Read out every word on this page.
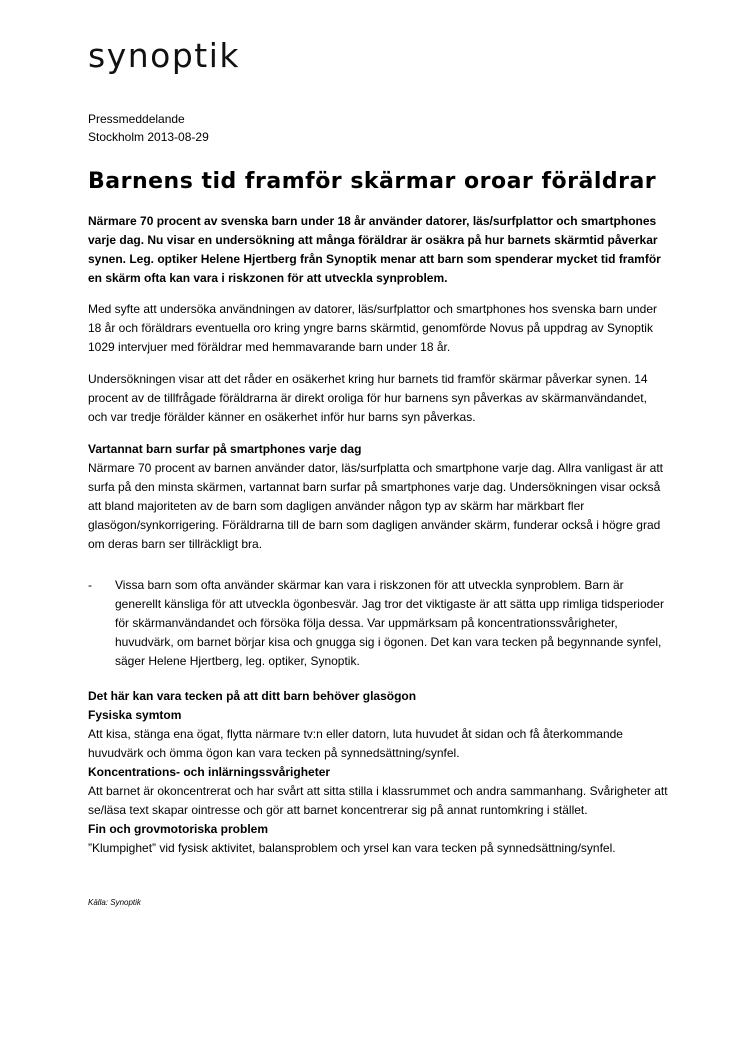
synoptik
Pressmeddelande
Stockholm 2013-08-29
Barnens tid framför skärmar oroar föräldrar
Närmare 70 procent av svenska barn under 18 år använder datorer, läs/surfplattor och smartphones varje dag. Nu visar en undersökning att många föräldrar är osäkra på hur barnets skärmtid påverkar synen. Leg. optiker Helene Hjertberg från Synoptik menar att barn som spenderar mycket tid framför en skärm ofta kan vara i riskzonen för att utveckla synproblem.
Med syfte att undersöka användningen av datorer, läs/surfplattor och smartphones hos svenska barn under 18 år och föräldrars eventuella oro kring yngre barns skärmtid, genomförde Novus på uppdrag av Synoptik 1029 intervjuer med föräldrar med hemmavarande barn under 18 år.
Undersökningen visar att det råder en osäkerhet kring hur barnets tid framför skärmar påverkar synen. 14 procent av de tillfrågade föräldrarna är direkt oroliga för hur barnens syn påverkas av skärmanvändandet, och var tredje förälder känner en osäkerhet inför hur barns syn påverkas.
Vartannat barn surfar på smartphones varje dag
Närmare 70 procent av barnen använder dator, läs/surfplatta och smartphone varje dag. Allra vanligast är att surfa på den minsta skärmen, vartannat barn surfar på smartphones varje dag. Undersökningen visar också att bland majoriteten av de barn som dagligen använder någon typ av skärm har märkbart fler glasögon/synkorrigering. Föräldrarna till de barn som dagligen använder skärm, funderar också i högre grad om deras barn ser tillräckligt bra.
- Vissa barn som ofta använder skärmar kan vara i riskzonen för att utveckla synproblem. Barn är generellt känsliga för att utveckla ögonbesvär. Jag tror det viktigaste är att sätta upp rimliga tidsperioder för skärmanvändandet och försöka följa dessa. Var uppmärksam på koncentrationssvårigheter, huvudvärk, om barnet börjar kisa och gnugga sig i ögonen. Det kan vara tecken på begynnande synfel, säger Helene Hjertberg, leg. optiker, Synoptik.
Det här kan vara tecken på att ditt barn behöver glasögon
Fysiska symtom
Att kisa, stänga ena ögat, flytta närmare tv:n eller datorn, luta huvudet åt sidan och få återkommande huvudvärk och ömma ögon kan vara tecken på synnedsättning/synfel.
Koncentrations- och inlärningssvårigheter
Att barnet är okoncentrerat och har svårt att sitta stilla i klassrummet och andra sammanhang. Svårigheter att se/läsa text skapar ointresse och gör att barnet koncentrerar sig på annat runtomkring i stället.
Fin och grovmotoriska problem
”Klumpighet” vid fysisk aktivitet, balansproblem och yrsel kan vara tecken på synnedsättning/synfel.
Källa: Synoptik
